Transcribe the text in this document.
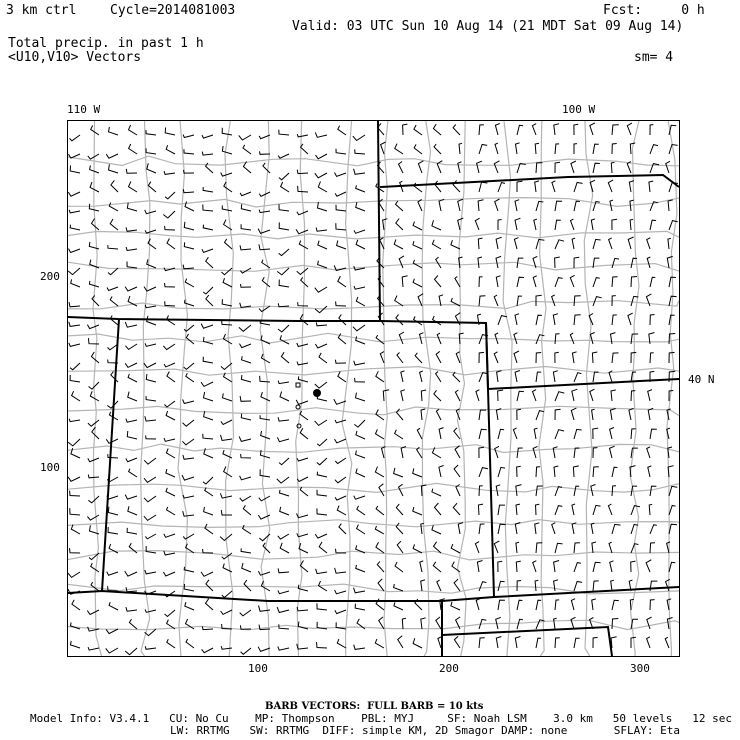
3 km ctrl	Cycle=2014081003	Fcst:     0 h
Valid: 03 UTC Sun 10 Aug 14 (21 MDT Sat 09 Aug 14)
Total precip. in past 1 h
<U10,V10> Vectors	sm= 4
110 W	100 W
40 N
200
100
100	200	300
BARB VECTORS:  FULL BARB = 10 kts
Model Info: V3.4.1   CU: No Cu    MP: Thompson    PBL: MYJ     SF: Noah LSM    3.0 km   50 levels   12 sec
LW: RRTMG   SW: RRTMG  DIFF: simple KM, 2D Smagor DAMP: none       SFLAY: Eta
